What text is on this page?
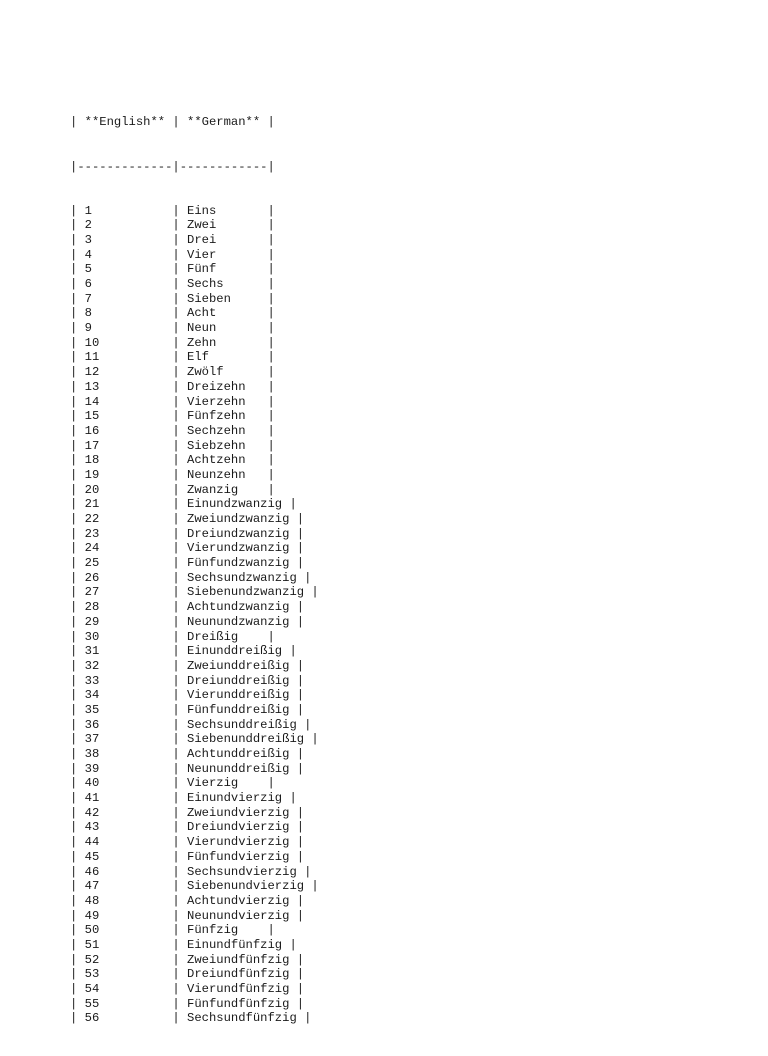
| **English** | **German** |

|-------------|------------|

| 1           | Eins       |
| 2           | Zwei       |
| 3           | Drei       |
| 4           | Vier       |
| 5           | Fünf       |
| 6           | Sechs      |
| 7           | Sieben     |
| 8           | Acht       |
| 9           | Neun       |
| 10          | Zehn       |
| 11          | Elf        |
| 12          | Zwölf      |
| 13          | Dreizehn   |
| 14          | Vierzehn   |
| 15          | Fünfzehn   |
| 16          | Sechzehn   |
| 17          | Siebzehn   |
| 18          | Achtzehn   |
| 19          | Neunzehn   |
| 20          | Zwanzig    |
| 21          | Einundzwanzig |
| 22          | Zweiundzwanzig |
| 23          | Dreiundzwanzig |
| 24          | Vierundzwanzig |
| 25          | Fünfundzwanzig |
| 26          | Sechsundzwanzig |
| 27          | Siebenundzwanzig |
| 28          | Achtundzwanzig |
| 29          | Neunundzwanzig |
| 30          | Dreißig    |
| 31          | Einunddreißig |
| 32          | Zweiunddreißig |
| 33          | Dreiunddreißig |
| 34          | Vierunddreißig |
| 35          | Fünfunddreißig |
| 36          | Sechsunddreißig |
| 37          | Siebenunddreißig |
| 38          | Achtunddreißig |
| 39          | Neununddreißig |
| 40          | Vierzig    |
| 41          | Einundvierzig |
| 42          | Zweiundvierzig |
| 43          | Dreiundvierzig |
| 44          | Vierundvierzig |
| 45          | Fünfundvierzig |
| 46          | Sechsundvierzig |
| 47          | Siebenundvierzig |
| 48          | Achtundvierzig |
| 49          | Neunundvierzig |
| 50          | Fünfzig    |
| 51          | Einundfünfzig |
| 52          | Zweiundfünfzig |
| 53          | Dreiundfünfzig |
| 54          | Vierundfünfzig |
| 55          | Fünfundfünfzig |
| 56          | Sechsundfünfzig |
